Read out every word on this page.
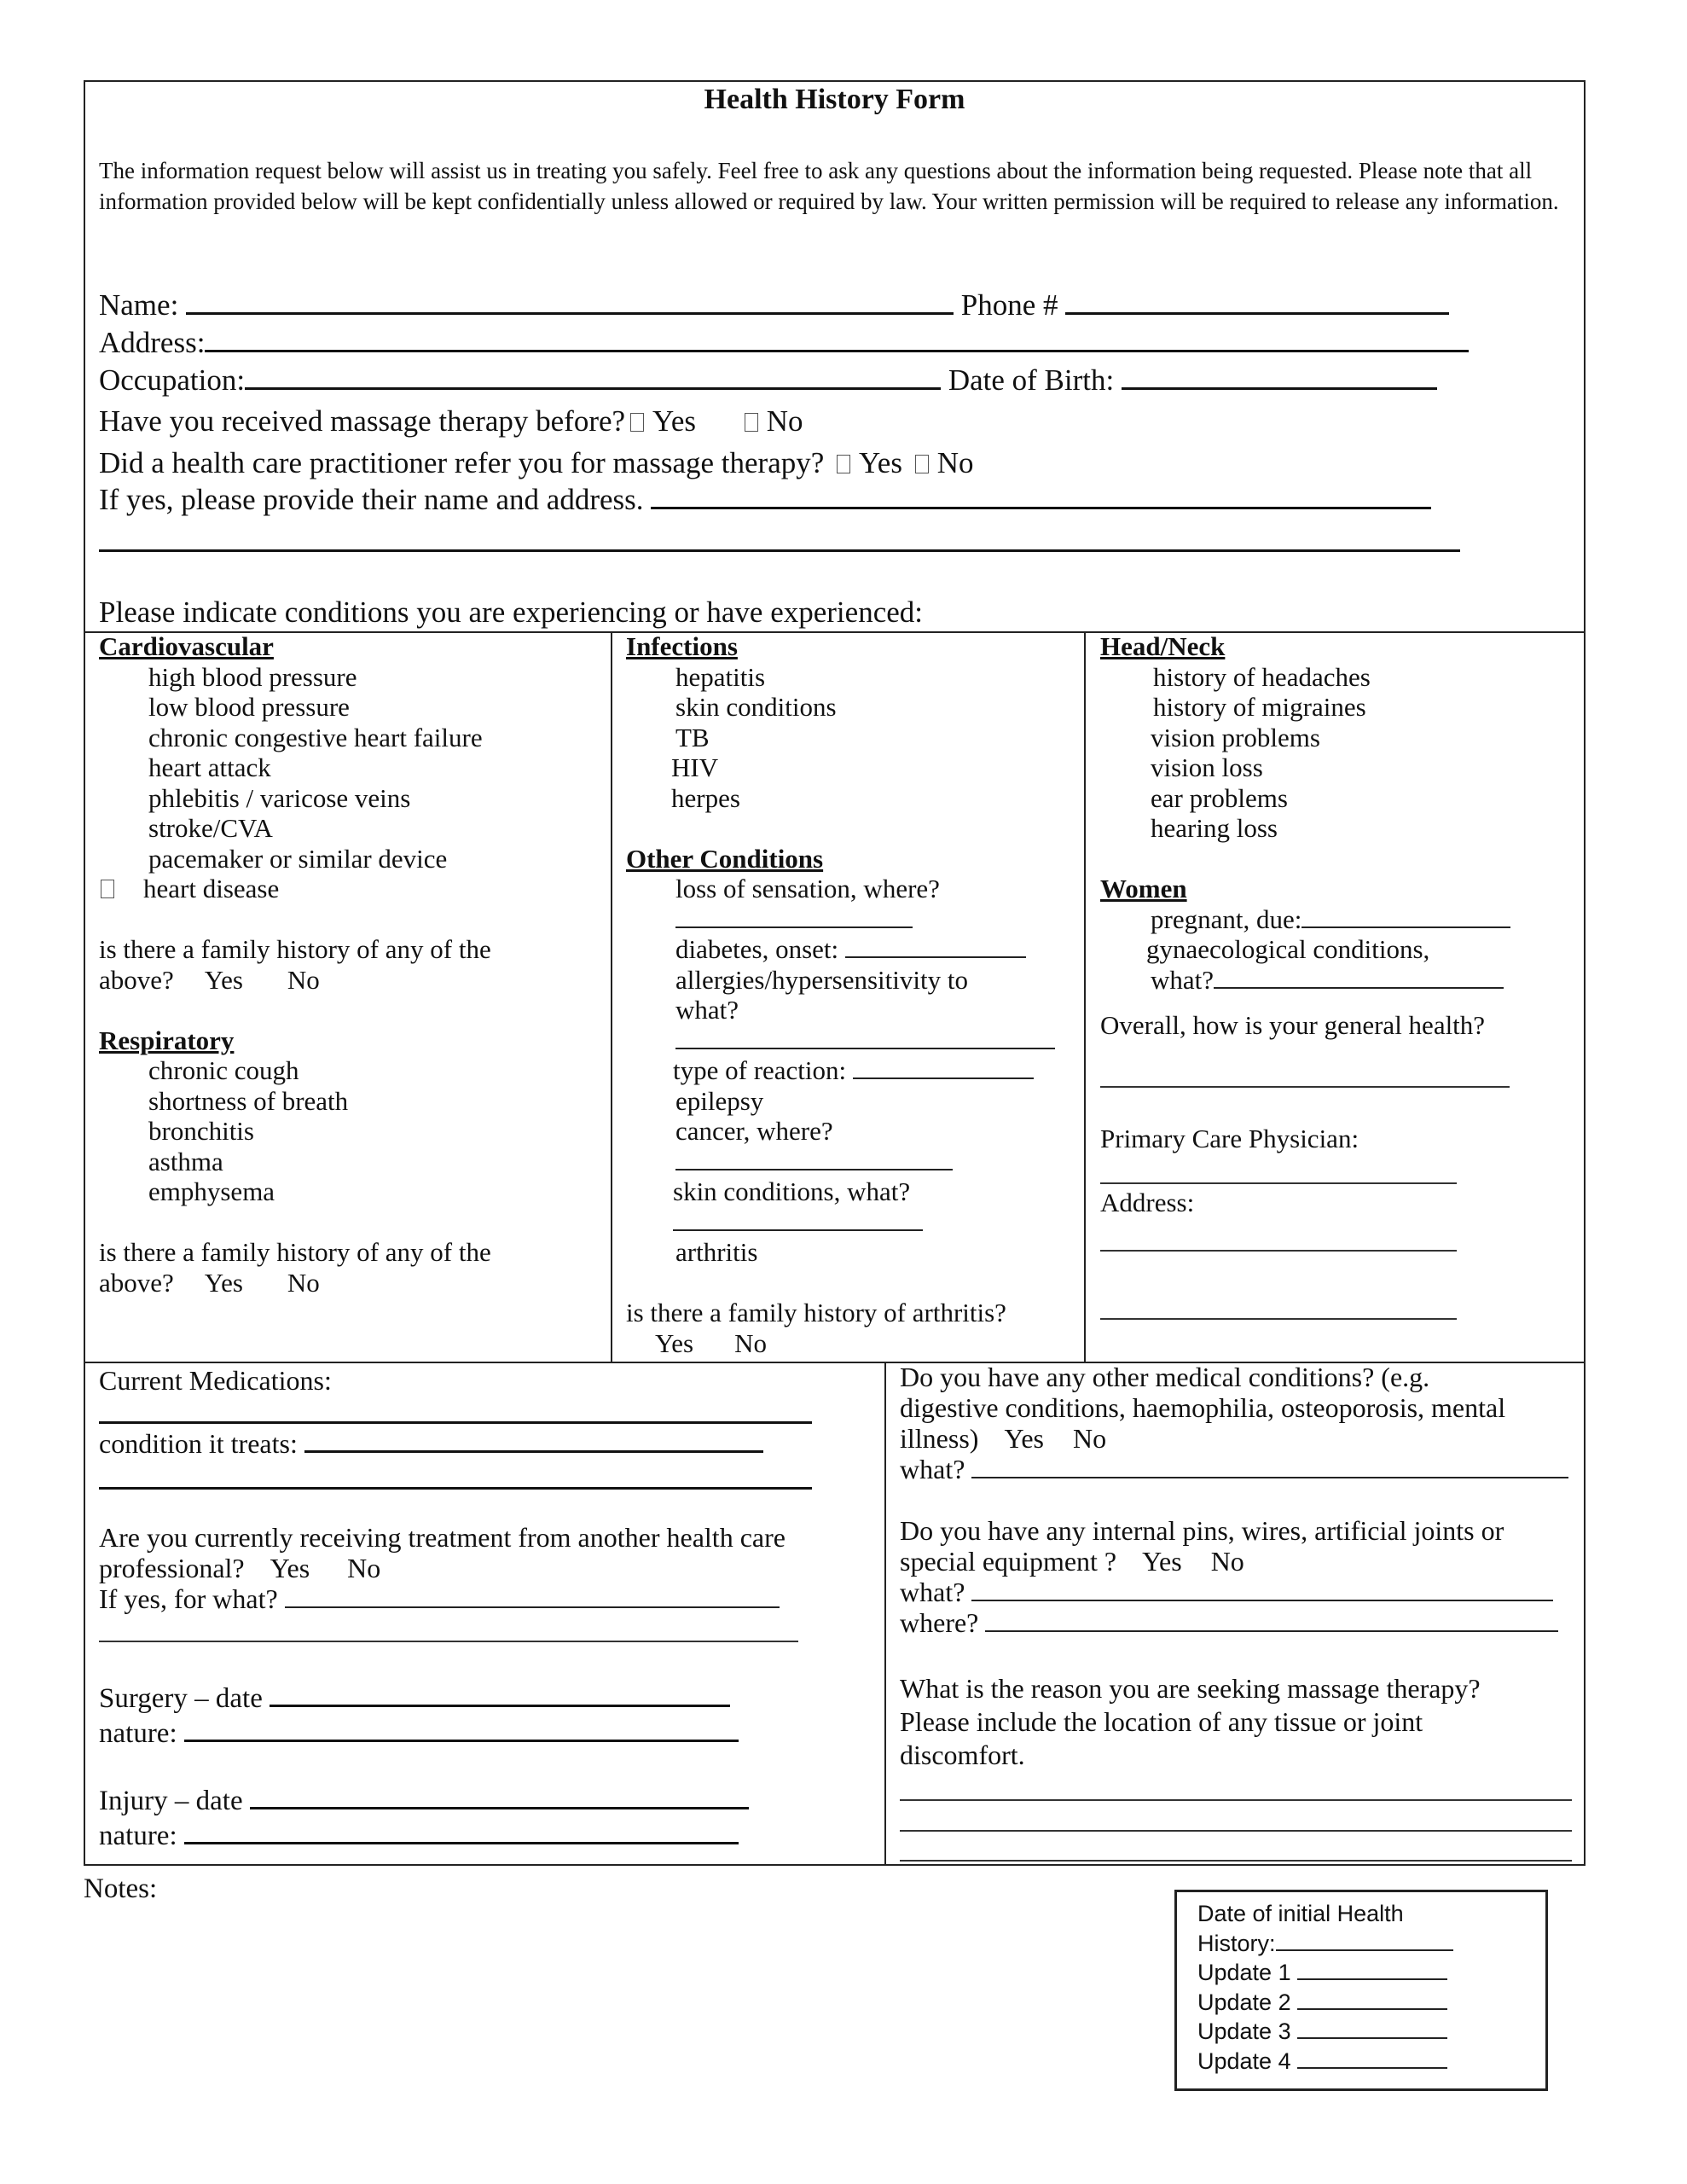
Health History Form
The information request below will assist us in treating you safely. Feel free to ask any questions about the information being requested. Please note that all information provided below will be kept confidentially unless allowed or required by law. Your written permission will be required to release any information.
Name:	Phone #
Address:
Occupation:	Date of Birth:
Have you received massage therapy before? Yes No
Did a health care practitioner refer you for massage therapy? Yes No
If yes, please provide their name and address.
Please indicate conditions you are experiencing or have experienced:
Cardiovascular
high blood pressure
low blood pressure
chronic congestive heart failure
heart attack
phlebitis / varicose veins
stroke/CVA
pacemaker or similar device
heart disease
is there a family history of any of the
above? Yes No
Respiratory
chronic cough
shortness of breath
bronchitis
asthma
emphysema
is there a family history of any of the
above? Yes No
Infections
hepatitis
skin conditions
TB
HIV
herpes
Other Conditions
loss of sensation, where?
diabetes, onset:
allergies/hypersensitivity to
what?
type of reaction:
epilepsy
cancer, where?
skin conditions, what?
arthritis
is there a family history of arthritis?
Yes No
Head/Neck
history of headaches
history of migraines
vision problems
vision loss
ear problems
hearing loss
Women
pregnant, due:
gynaecological conditions,
what?
Overall, how is your general health?
Primary Care Physician:
Address:
Current Medications:
condition it treats:
Are you currently receiving treatment from another health care
professional? Yes No
If yes, for what?
Surgery – date
nature:
Injury – date
nature:
Do you have any other medical conditions? (e.g.
digestive conditions, haemophilia, osteoporosis, mental
illness) Yes No
what?
Do you have any internal pins, wires, artificial joints or
special equipment ? Yes No
what?
where?
What is the reason you are seeking massage therapy?
Please include the location of any tissue or joint
discomfort.
Notes:
Date of initial Health
History:
Update 1
Update 2
Update 3
Update 4
